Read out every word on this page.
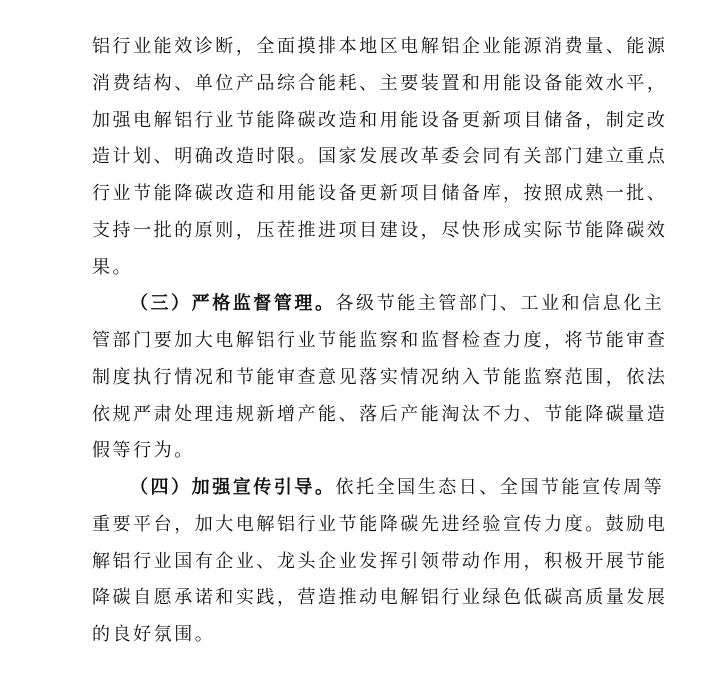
铝行业能效诊断，全面摸排本地区电解铝企业能源消费量、能源
消费结构、单位产品综合能耗、主要装置和用能设备能效水平，
加强电解铝行业节能降碳改造和用能设备更新项目储备，制定改
造计划、明确改造时限。国家发展改革委会同有关部门建立重点
行业节能降碳改造和用能设备更新项目储备库，按照成熟一批、
支持一批的原则，压茬推进项目建设，尽快形成实际节能降碳效
果。
（三）严格监督管理。各级节能主管部门、工业和信息化主
管部门要加大电解铝行业节能监察和监督检查力度，将节能审查
制度执行情况和节能审查意见落实情况纳入节能监察范围，依法
依规严肃处理违规新增产能、落后产能淘汰不力、节能降碳量造
假等行为。
（四）加强宣传引导。依托全国生态日、全国节能宣传周等
重要平台，加大电解铝行业节能降碳先进经验宣传力度。鼓励电
解铝行业国有企业、龙头企业发挥引领带动作用，积极开展节能
降碳自愿承诺和实践，营造推动电解铝行业绿色低碳高质量发展
的良好氛围。
